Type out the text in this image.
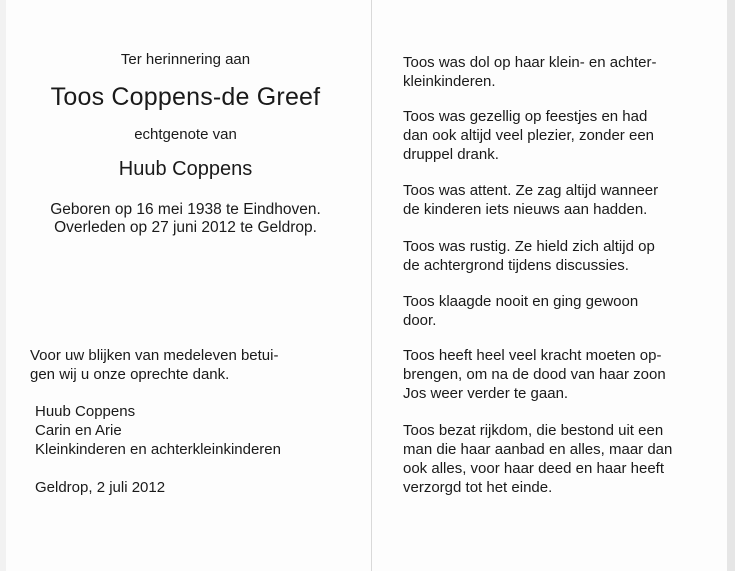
Ter herinnering aan
Toos Coppens-de Greef
echtgenote van
Huub Coppens
Geboren op 16 mei 1938 te Eindhoven.
Overleden op 27 juni 2012 te Geldrop.
Voor uw blijken van medeleven betui-
gen wij u onze oprechte dank.
Huub Coppens
Carin en Arie
Kleinkinderen en achterkleinkinderen
Geldrop, 2 juli 2012
Toos was dol op haar klein- en achter-
kleinkinderen.
Toos was gezellig op feestjes en had
dan ook altijd veel plezier, zonder een
druppel drank.
Toos was attent. Ze zag altijd wanneer
de kinderen iets nieuws aan hadden.
Toos was rustig. Ze hield zich altijd op
de achtergrond tijdens discussies.
Toos klaagde nooit en ging gewoon
door.
Toos heeft heel veel kracht moeten op-
brengen, om na de dood van haar zoon
Jos weer verder te gaan.
Toos bezat rijkdom, die bestond uit een
man die haar aanbad en alles, maar dan
ook alles, voor haar deed en haar heeft
verzorgd tot het einde.
